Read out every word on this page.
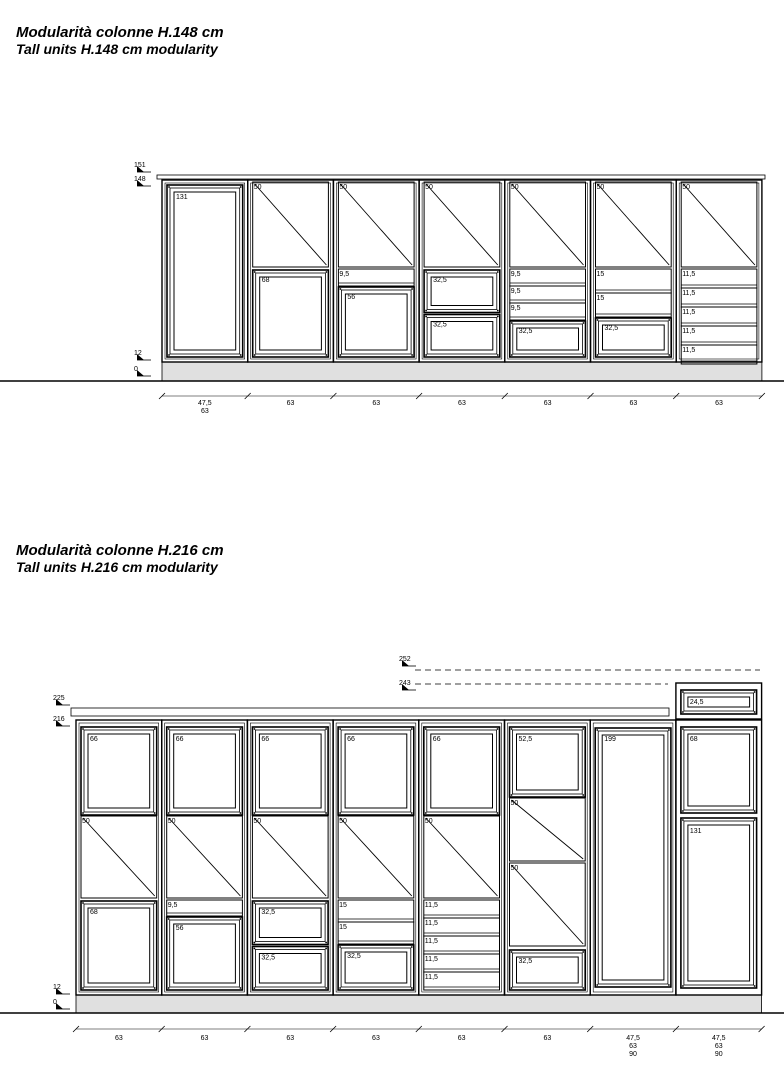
Modularità colonne H.148 cm
Tall units H.148 cm modularity
Modularità colonne H.216 cm
Tall units H.216 cm modularity
151
148
12
0
47,5
63
131
63
50
68
63
50
9,5
56
63
50
32,5
32,5
63
50
9,5
9,5
9,5
32,5
63
50
15
15
32,5
63
50
11,5
11,5
11,5
11,5
11,5
252
243
225
216
12
0
63
66
50
68
63
66
50
9,5
56
63
66
50
32,5
32,5
63
66
50
15
15
32,5
63
66
50
11,5
11,5
11,5
11,5
11,5
63
52,5
50
50
32,5
47,5
63
90
199
47,5
63
90
24,5
68
131
